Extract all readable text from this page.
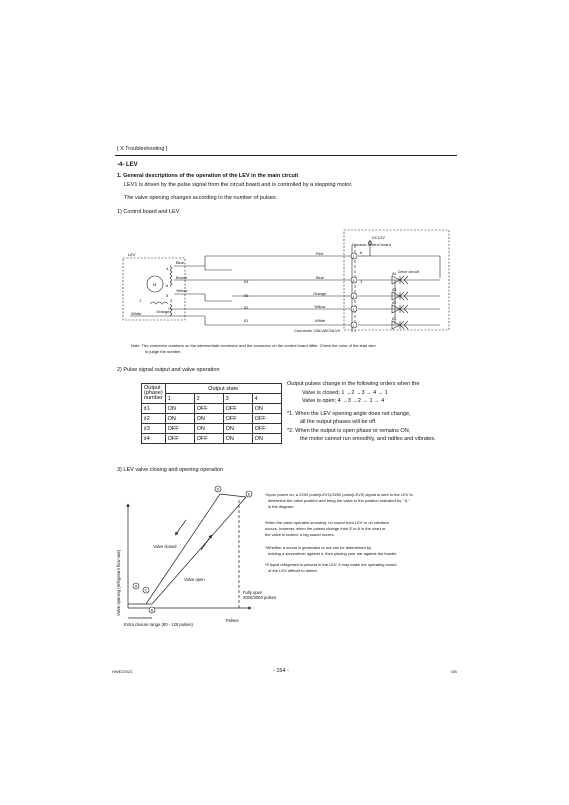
[ X Troubleshooting ]
-4- LEV
1. General descriptions of the operation of the LEV in the main circuit
LEV1 is driven by the pulse signal from the circuit board and is controlled by a stepping motor.
The valve opening changes according to the number of pulses.
1) Control board and LEV
Outdoor control board
DC12V
LEV
Drive circuit
M
Blue
Brown
Yellow
White	Orange
4
6
5
1	3
♯4
♯3
♯2
♯1
Red
Blue
Orange
Yellow
White
1
5
4
3
2
1
6
♯4
♯3
♯2
♯1
Connector CNLV8/CNLV9
Note. The connector numbers on the intermediate connector and the connector on the control board differ. Check the color of the lead wire
to judge the number.
2) Pulse signal output and valve operation
Output
(phase)
number	Output state			
	1	2	3	4
♯1	ON	OFF	OFF	ON
♯2	ON	ON	OFF	OFF
♯3	OFF	ON	ON	OFF
♯4	OFF	OFF	ON	ON
Output pulses change in the following orders when the
Valve is closed; 1 →2 →3 → 4 → 1
Valve is open; 4 →3 →2 → 1 → 4
*1. When the LEV opening angle does not change,
all the output phases will be off.
*2. When the output is open phase or remains ON,
the motor cannot run smoothly, and rattles and vibrates.
3) LEV valve closing and opening operation
A
B
C
D
E
Valve opening (refrigerant flow rate)
Pulses
Valve closed
Valve open
Fully open
2000/3000 pulses
Extra closure range (80 - 120 pulses)
*Upon power on, a 2200 pulse(LEV1)/3200 pulse(LEV3) signal is sent to the LEV to
determine the valve position and bring the valve to the position indicated by " A "
in the diagram.
When the valve operates smoothly, no sound from LEV or no vibration
occurs, however, when the pulses change from E to A in the chart or
the valve is locked, a big sound occurs.
*Whether a sound is generated or not can be determined by
holding a screwdriver against it, then placing your ear against the handle.
*If liquid refrigerant is present in the LEV, it may make the operating sound
of the LEV difficult to detect.
HWE2202C	- 154 -	GB
